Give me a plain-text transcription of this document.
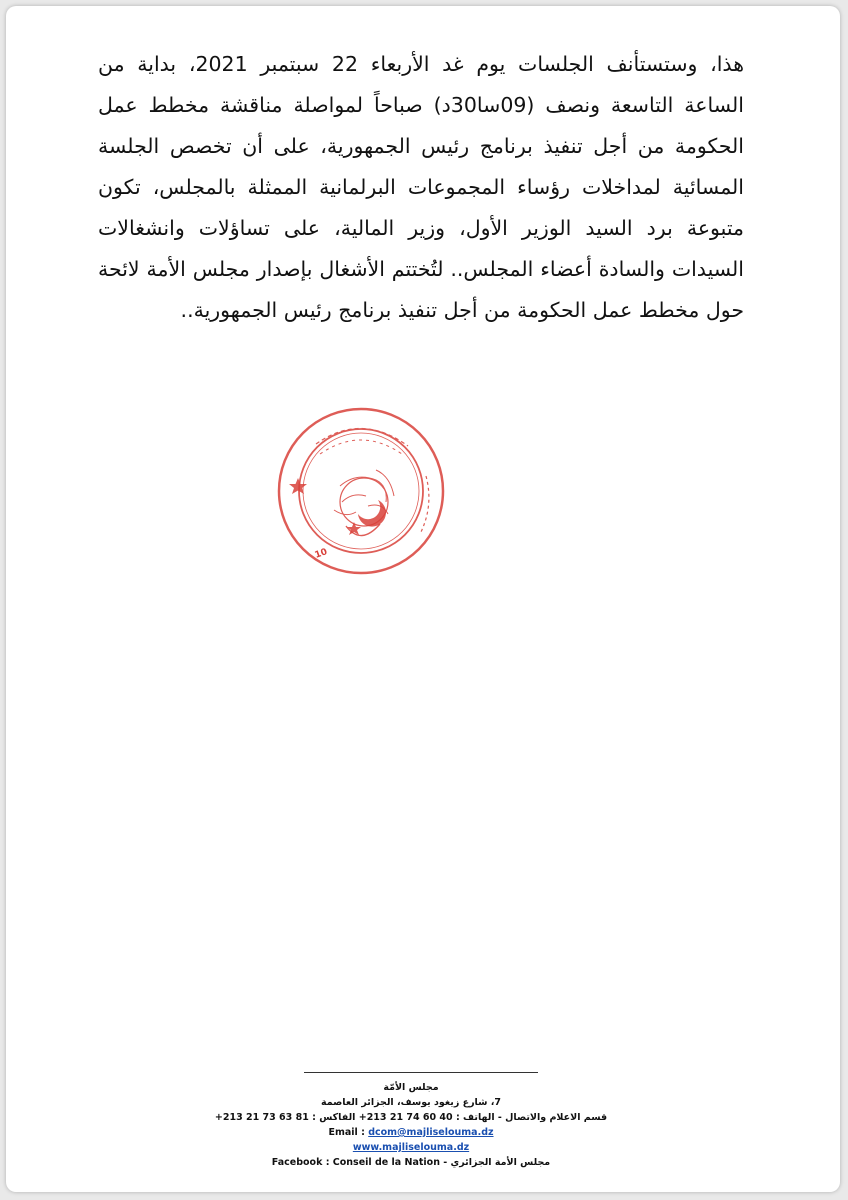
هذا، وستستأنف الجلسات يوم غد الأربعاء 22 سبتمبر 2021، بداية من الساعة التاسعة ونصف (09سا30د) صباحاً لمواصلة مناقشة مخطط عمل الحكومة من أجل تنفيذ برنامج رئيس الجمهورية، على أن تخصص الجلسة المسائية لمداخلات رؤساء المجموعات البرلمانية الممثلة بالمجلس، تكون متبوعة برد السيد الوزير الأول، وزير المالية، على تساؤلات وانشغالات السيدات والسادة أعضاء المجلس.. لتُختتم الأشغال بإصدار مجلس الأمة لائحة حول مخطط عمل الحكومة من أجل تنفيذ برنامج رئيس الجمهورية..

10
مجلس الأمّة
7، شارع زيغود يوسف، الجزائر العاصمة
قسم الاعلام والاتصال - الهاتف : +213 21 74 60 40 الفاكس : +213 21 73 63 81
Email : dcom@majliselouma.dz
www.majliselouma.dz
Facebook : Conseil de la Nation - مجلس الأمة الجزائري
